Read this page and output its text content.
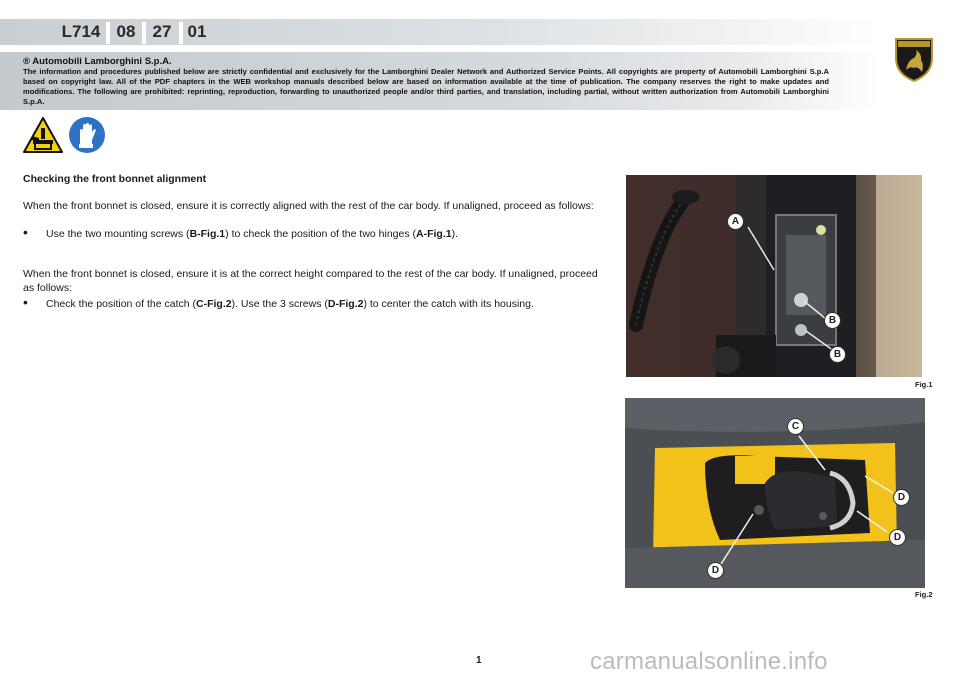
L714 08 27 01
® Automobili Lamborghini S.p.A.
The information and procedures published below are strictly confidential and exclusively for the Lamborghini Dealer Network and Authorized Service Points. All copyrights are property of Automobili Lamborghini S.p.A based on copyright law. All of the PDF chapters in the WEB workshop manuals described below are based on information available at the time of publication. The company reserves the right to make updates and modifications. The following are prohibited: reprinting, reproduction, forwarding to unauthorized people and/or third parties, and translation, including partial, without written authorization from Automobili Lamborghini S.p.A.
Checking the front bonnet alignment
When the front bonnet is closed, ensure it is correctly aligned with the rest of the car body. If unaligned, proceed as follows:
• Use the two mounting screws (B-Fig.1) to check the position of the two hinges (A-Fig.1).
When the front bonnet is closed, ensure it is at the correct height compared to the rest of the car body. If unaligned, proceed as follows:
• Check the position of the catch (C-Fig.2). Use the 3 screws (D-Fig.2) to center the catch with its housing.
A
B
B
Fig.1
C
D
D
D
Fig.2
1	carmanualsonline.info
